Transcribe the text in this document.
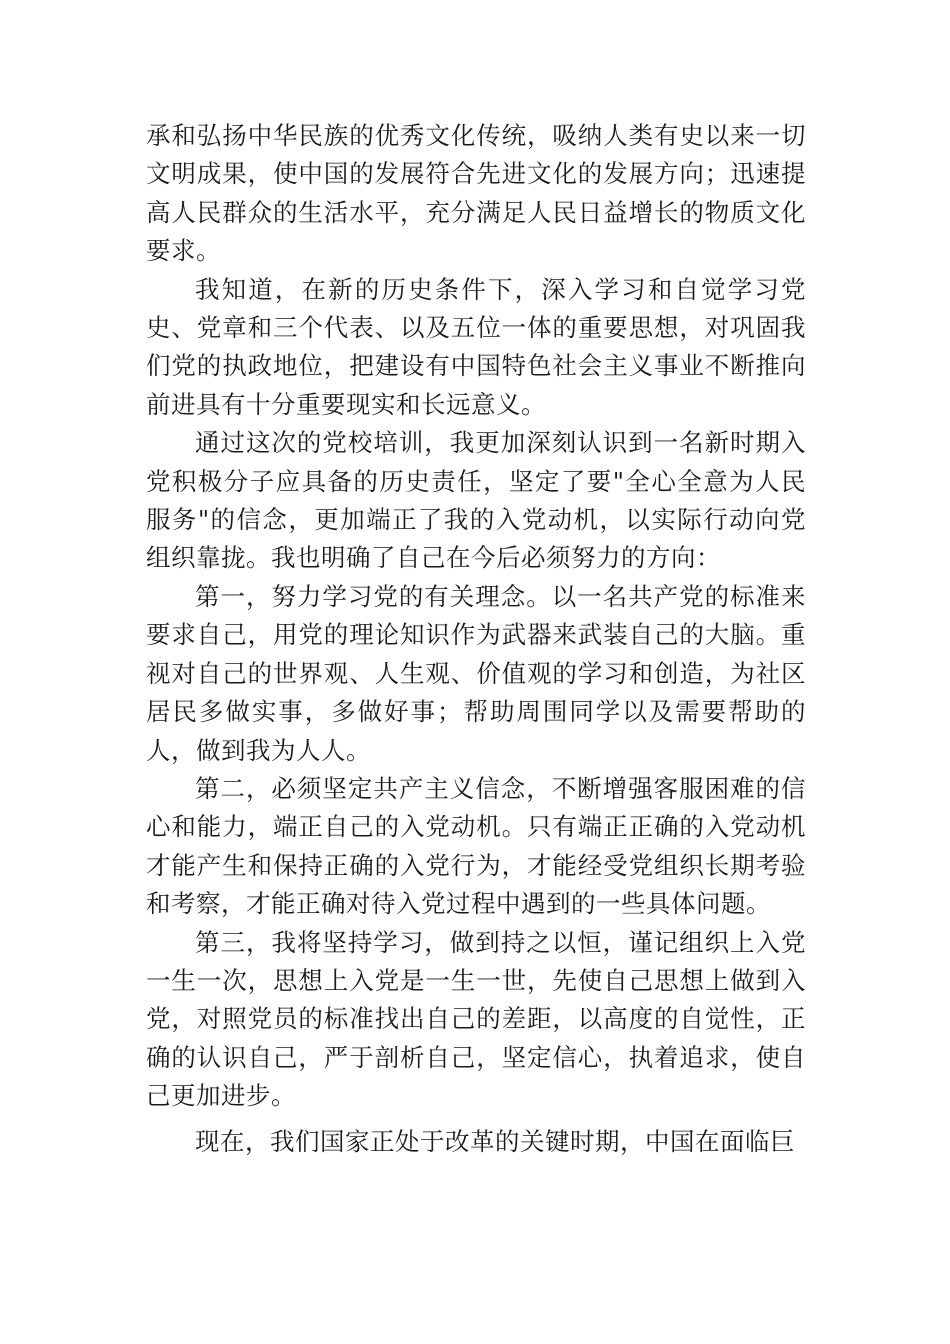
承和弘扬中华民族的优秀文化传统，吸纳人类有史以来一切文明成果，使中国的发展符合先进文化的发展方向；迅速提高人民群众的生活水平，充分满足人民日益增长的物质文化要求。

我知道，在新的历史条件下，深入学习和自觉学习党史、党章和三个代表、以及五位一体的重要思想，对巩固我们党的执政地位，把建设有中国特色社会主义事业不断推向前进具有十分重要现实和长远意义。

通过这次的党校培训，我更加深刻认识到一名新时期入党积极分子应具备的历史责任，坚定了要"全心全意为人民服务"的信念，更加端正了我的入党动机，以实际行动向党组织靠拢。我也明确了自己在今后必须努力的方向：

第一，努力学习党的有关理念。以一名共产党的标准来要求自己，用党的理论知识作为武器来武装自己的大脑。重视对自己的世界观、人生观、价值观的学习和创造，为社区居民多做实事，多做好事；帮助周围同学以及需要帮助的人，做到我为人人。

第二，必须坚定共产主义信念，不断增强客服困难的信心和能力，端正自己的入党动机。只有端正正确的入党动机才能产生和保持正确的入党行为，才能经受党组织长期考验和考察，才能正确对待入党过程中遇到的一些具体问题。

第三，我将坚持学习，做到持之以恒，谨记组织上入党一生一次，思想上入党是一生一世，先使自己思想上做到入党，对照党员的标准找出自己的差距，以高度的自觉性，正确的认识自己，严于剖析自己，坚定信心，执着追求，使自己更加进步。

现在，我们国家正处于改革的关键时期，中国在面临巨
